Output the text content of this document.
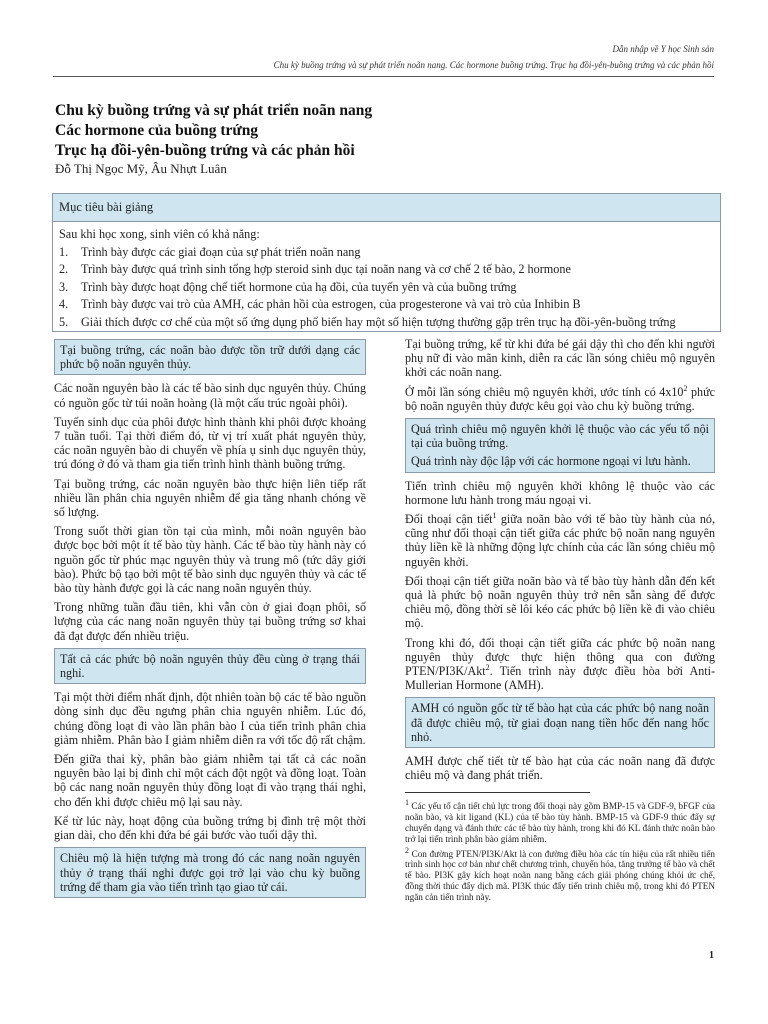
Dẫn nhập về Y học Sinh sản
Chu kỳ buồng trứng và sự phát triển noãn nang. Các hormone buồng trứng. Trục hạ đồi-yên-buồng trứng và các phản hồi
Chu kỳ buồng trứng và sự phát triển noãn nang
Các hormone của buồng trứng
Trục hạ đồi-yên-buồng trứng và các phản hồi

Đỗ Thị Ngọc Mỹ, Âu Nhựt Luân

Mục tiêu bài giảng
Sau khi học xong, sinh viên có khả năng:
1.	Trình bày được các giai đoạn của sự phát triển noãn nang
2.	Trình bày được quá trình sinh tổng hợp steroid sinh dục tại noãn nang và cơ chế 2 tế bào, 2 hormone
3.	Trình bày được hoạt động chế tiết hormone của hạ đồi, của tuyến yên và của buồng trứng
4.	Trình bày được vai trò của AMH, các phản hồi của estrogen, của progesterone và vai trò của Inhibin B
5.	Giải thích được cơ chế của một số ứng dụng phổ biến hay một số hiện tượng thường gặp trên trục hạ đồi-yên-buồng trứng

Tại buồng trứng, các noãn bào được tồn trữ dưới dạng các phức bộ noãn nguyên thủy.

Các noãn nguyên bào là các tế bào sinh dục nguyên thủy. Chúng có nguồn gốc từ túi noãn hoàng (là một cấu trúc ngoài phôi).

Tuyến sinh dục của phôi được hình thành khi phôi được khoảng 7 tuần tuổi. Tại thời điểm đó, từ vị trí xuất phát nguyên thủy, các noãn nguyên bào di chuyển về phía ụ sinh dục nguyên thủy, trú đóng ở đó và tham gia tiến trình hình thành buồng trứng.

Tại buồng trứng, các noãn nguyên bào thực hiện liên tiếp rất nhiều lần phân chia nguyên nhiễm để gia tăng nhanh chóng về số lượng.

Trong suốt thời gian tồn tại của mình, mỗi noãn nguyên bào được bọc bởi một ít tế bào tùy hành. Các tế bào tùy hành này có nguồn gốc từ phúc mạc nguyên thủy và trung mô (tức dây giới bào). Phức bộ tạo bởi một tế bào sinh dục nguyên thủy và các tế bào tùy hành được gọi là các nang noãn nguyên thủy.

Trong những tuần đầu tiên, khi vẫn còn ở giai đoạn phôi, số lượng của các nang noãn nguyên thủy tại buồng trứng sơ khai đã đạt được đến nhiều triệu.

Tất cả các phức bộ noãn nguyên thủy đều cùng ở trạng thái nghỉ.

Tại một thời điểm nhất định, đột nhiên toàn bộ các tế bào nguồn dòng sinh dục đều ngưng phân chia nguyên nhiễm. Lúc đó, chúng đồng loạt đi vào lần phân bào I của tiến trình phân chia giảm nhiễm. Phân bào I giảm nhiễm diễn ra với tốc độ rất chậm.

Đến giữa thai kỳ, phân bào giảm nhiễm tại tất cả các noãn nguyên bào lại bị đình chỉ một cách đột ngột và đồng loạt. Toàn bộ các nang noãn nguyên thủy đồng loạt đi vào trạng thái nghỉ, cho đến khi được chiêu mộ lại sau này.

Kể từ lúc này, hoạt động của buồng trứng bị đình trệ một thời gian dài, cho đến khi đứa bé gái bước vào tuổi dậy thì.

Chiêu mộ là hiện tượng mà trong đó các nang noãn nguyên thủy ở trạng thái nghỉ được gọi trở lại vào chu kỳ buồng trứng để tham gia vào tiến trình tạo giao tử cái.

Tại buồng trứng, kể từ khi đứa bé gái dậy thì cho đến khi người phụ nữ đi vào mãn kinh, diễn ra các lần sóng chiêu mộ nguyên khởi các noãn nang.

Ở mỗi lần sóng chiêu mộ nguyên khởi, ước tính có $4x10^2$ phức bộ noãn nguyên thủy được kêu gọi vào chu kỳ buồng trứng.

Quá trình chiêu mộ nguyên khởi lệ thuộc vào các yếu tố nội tại của buồng trứng.

Quá trình này độc lập với các hormone ngoại vi lưu hành.

Tiến trình chiêu mộ nguyên khởi không lệ thuộc vào các hormone lưu hành trong máu ngoại vi.

Đối thoại cận tiết$^1$ giữa noãn bào với tế bào tùy hành của nó, cũng như đối thoại cận tiết giữa các phức bộ noãn nang nguyên thủy liền kề là những động lực chính của các lần sóng chiêu mộ nguyên khởi.

Đối thoại cận tiết giữa noãn bào và tế bào tùy hành dẫn đến kết quả là phức bộ noãn nguyên thủy trở nên sẵn sàng để được chiêu mộ, đồng thời sẽ lôi kéo các phức bộ liền kề đi vào chiêu mộ.

Trong khi đó, đối thoại cận tiết giữa các phức bộ noãn nang nguyên thủy được thực hiện thông qua con đường PTEN/PI3K/Akt$^2$. Tiến trình này được điều hòa bởi Anti-Mullerian Hormone (AMH).

AMH có nguồn gốc từ tế bào hạt của các phức bộ nang noãn đã được chiêu mộ, từ giai đoạn nang tiền hốc đến nang hốc nhỏ.

AMH được chế tiết từ tế bào hạt của các noãn nang đã được chiêu mộ và đang phát triển.

$^1$ Các yếu tố cận tiết chủ lực trong đối thoại này gồm BMP-15 và GDF-9, bFGF của noãn bào, và kit ligand (KL) của tế bào tùy hành. BMP-15 và GDF-9 thúc đẩy sự chuyển dạng và đánh thức các tế bào tùy hành, trong khi đó KL đánh thức noãn bào trở lại tiến trình phân bào giảm nhiễm.

$^2$ Con đường PTEN/PI3K/Akt là con đường điều hòa các tín hiệu của rất nhiều tiến trình sinh học cơ bản như chết chương trình, chuyển hóa, tăng trưởng tế bào và chết tế bào. PI3K gây kích hoạt noãn nang bằng cách giải phóng chúng khỏi ức chế, đồng thời thúc đẩy dịch mã. PI3K thúc đẩy tiến trình chiêu mộ, trong khi đó PTEN ngăn cản tiến trình này.

1
